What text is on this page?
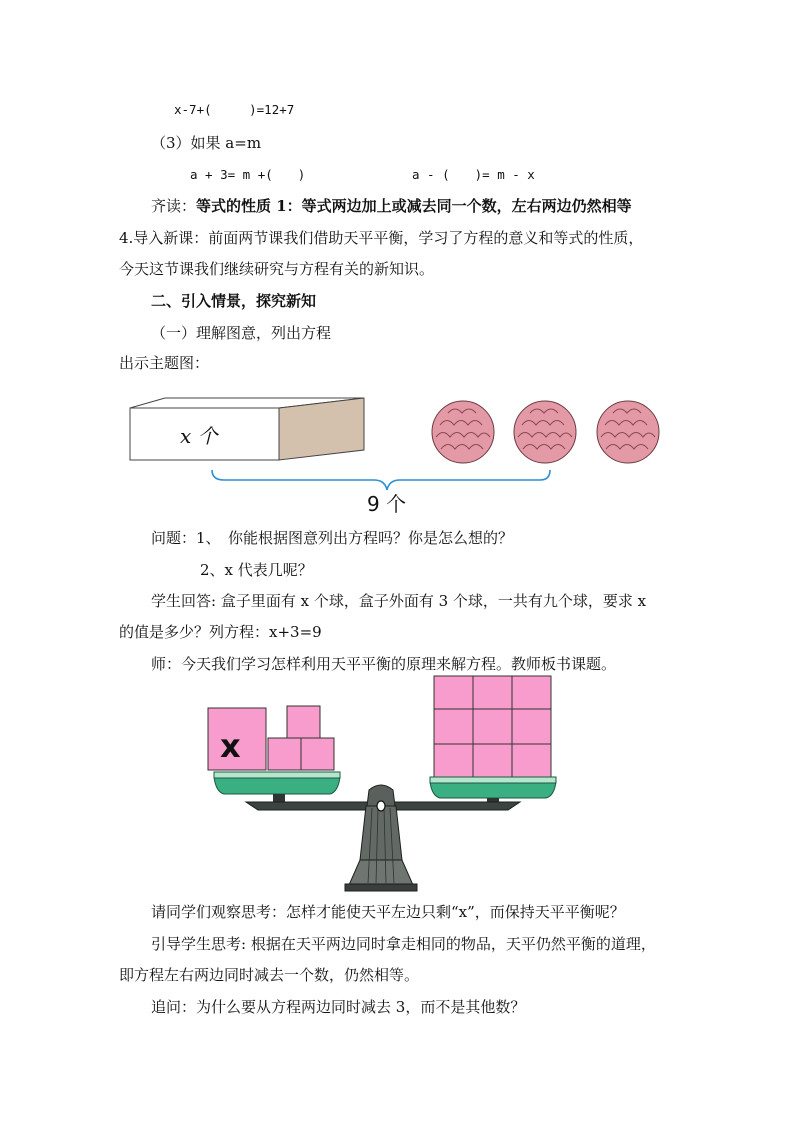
x-7+(　　　)=12+7
（3）如果 a=m
a + 3= m +(　　)	a - (　　)= m - x
齐读：等式的性质 1：等式两边加上或减去同一个数，左右两边仍然相等
4.导入新课：前面两节课我们借助天平平衡，学习了方程的意义和等式的性质，
今天这节课我们继续研究与方程有关的新知识。
二、引入情景，探究新知
（一）理解图意，列出方程
出示主题图：
x 个
9 个
问题：1、　你能根据图意列出方程吗？你是怎么想的？
2、x 代表几呢？
学生回答: 盒子里面有 x 个球，盒子外面有 3 个球，一共有九个球，要求 x
的值是多少？列方程：x+3=9
师：今天我们学习怎样利用天平平衡的原理来解方程。教师板书课题。
x
请同学们观察思考：怎样才能使天平左边只剩“x”，而保持天平平衡呢？
引导学生思考: 根据在天平两边同时拿走相同的物品，天平仍然平衡的道理，
即方程左右两边同时减去一个数，仍然相等。
追问：为什么要从方程两边同时减去 3，而不是其他数？
